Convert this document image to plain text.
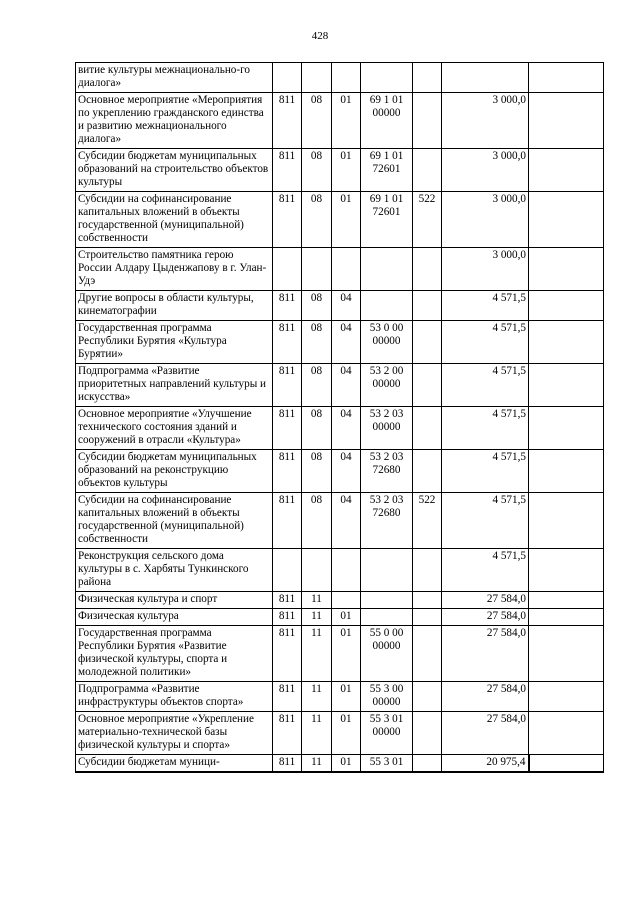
428
витие культуры межнационально-го диалога»							
Основное мероприятие «Мероприятия по укреплению гражданского единства и развитию межнационального диалога»	811	08	01	69 1 01
00000		3 000,0	
Субсидии бюджетам муниципальных образований на строительство объектов культуры	811	08	01	69 1 01
72601		3 000,0	
Субсидии на софинансирование капитальных вложений в объекты государственной (муниципальной) собственности	811	08	01	69 1 01
72601	522	3 000,0	
Строительство памятника герою России Алдару Цыденжапову в г. Улан-Удэ						3 000,0	
Другие вопросы в области культуры, кинематографии	811	08	04			4 571,5	
Государственная программа Республики Бурятия «Культура Бурятии»	811	08	04	53 0 00
00000		4 571,5	
Подпрограмма «Развитие приоритетных направлений культуры и искусства»	811	08	04	53 2 00
00000		4 571,5	
Основное мероприятие «Улучшение технического состояния зданий и сооружений в отрасли «Культура»	811	08	04	53 2 03
00000		4 571,5	
Субсидии бюджетам муниципальных образований на реконструкцию объектов культуры	811	08	04	53 2 03
72680		4 571,5	
Субсидии на софинансирование капитальных вложений в объекты государственной (муниципальной) собственности	811	08	04	53 2 03
72680	522	4 571,5	
Реконструкция сельского дома культуры в с. Харбяты Тункинского района						4 571,5	
Физическая культура и спорт	811	11				27 584,0	
Физическая культура	811	11	01			27 584,0	
Государственная программа Республики Бурятия «Развитие физической культуры, спорта и молодежной политики»	811	11	01	55 0 00
00000		27 584,0	
Подпрограмма «Развитие инфраструктуры объектов спорта»	811	11	01	55 3 00
00000		27 584,0	
Основное мероприятие «Укрепление материально-технической базы физической культуры и спорта»	811	11	01	55 3 01
00000		27 584,0	
Субсидии бюджетам муници-	811	11	01	55 3 01		20 975,4	
